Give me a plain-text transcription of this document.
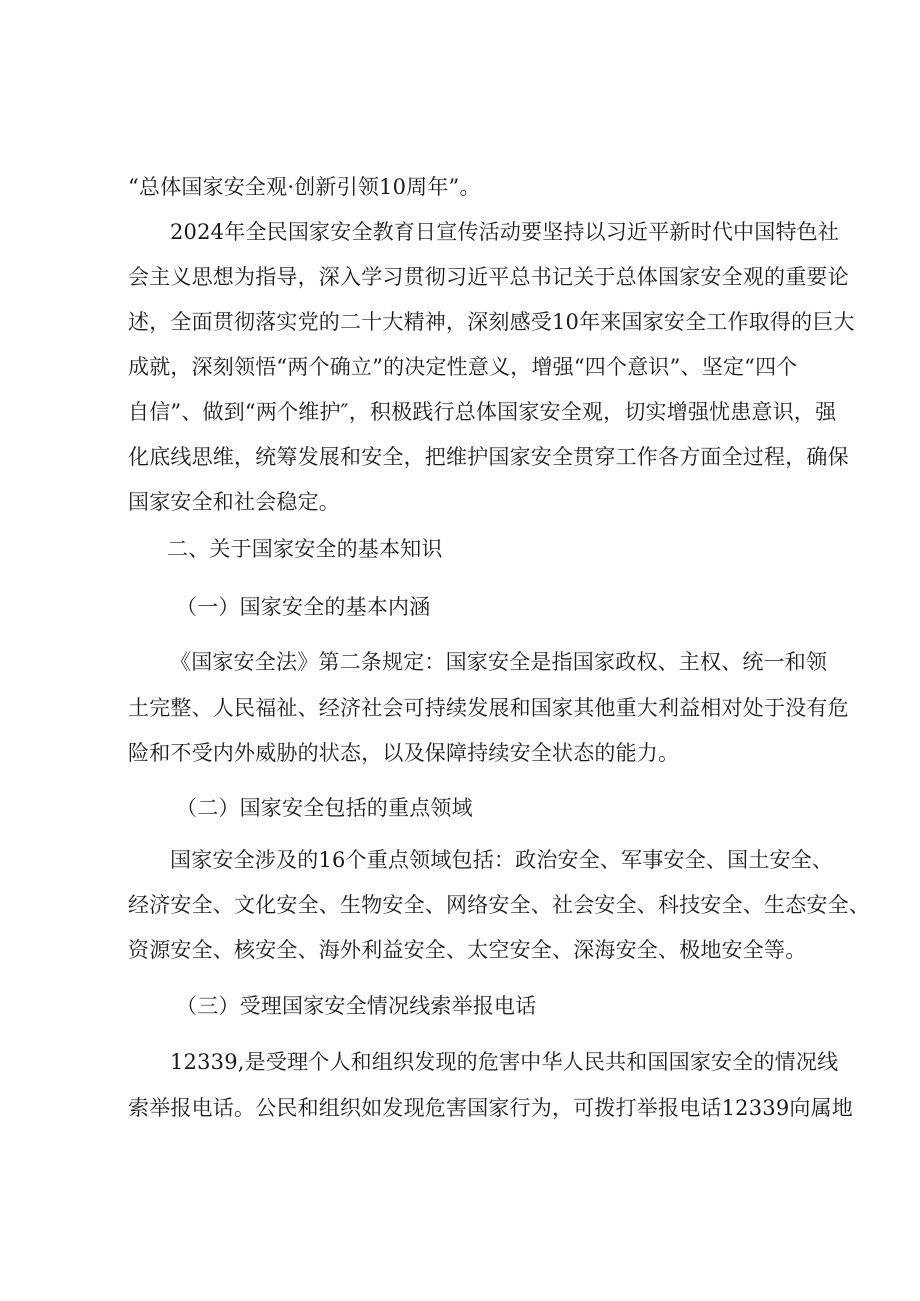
“总体国家安全观·创新引领10周年”。
2024年全民国家安全教育日宣传活动要坚持以习近平新时代中国特色社
会主义思想为指导，深入学习贯彻习近平总书记关于总体国家安全观的重要论
述，全面贯彻落实党的二十大精神，深刻感受10年来国家安全工作取得的巨大
成就，深刻领悟“两个确立”的决定性意义，增强“四个意识”、坚定“四个
自信”、做到“两个维护″，积极践行总体国家安全观，切实增强忧患意识，强
化底线思维，统筹发展和安全，把维护国家安全贯穿工作各方面全过程，确保
国家安全和社会稳定。
二、关于国家安全的基本知识
（一）国家安全的基本内涵
《国家安全法》第二条规定：国家安全是指国家政权、主权、统一和领
土完整、人民福祉、经济社会可持续发展和国家其他重大利益相对处于没有危
险和不受内外威胁的状态，以及保障持续安全状态的能力。
（二）国家安全包括的重点领域
国家安全涉及的16个重点领域包括：政治安全、军事安全、国土安全、
经济安全、文化安全、生物安全、网络安全、社会安全、科技安全、生态安全、
资源安全、核安全、海外利益安全、太空安全、深海安全、极地安全等。
（三）受理国家安全情况线索举报电话
12339,是受理个人和组织发现的危害中华人民共和国国家安全的情况线
索举报电话。公民和组织如发现危害国家行为，可拨打举报电话12339向属地
